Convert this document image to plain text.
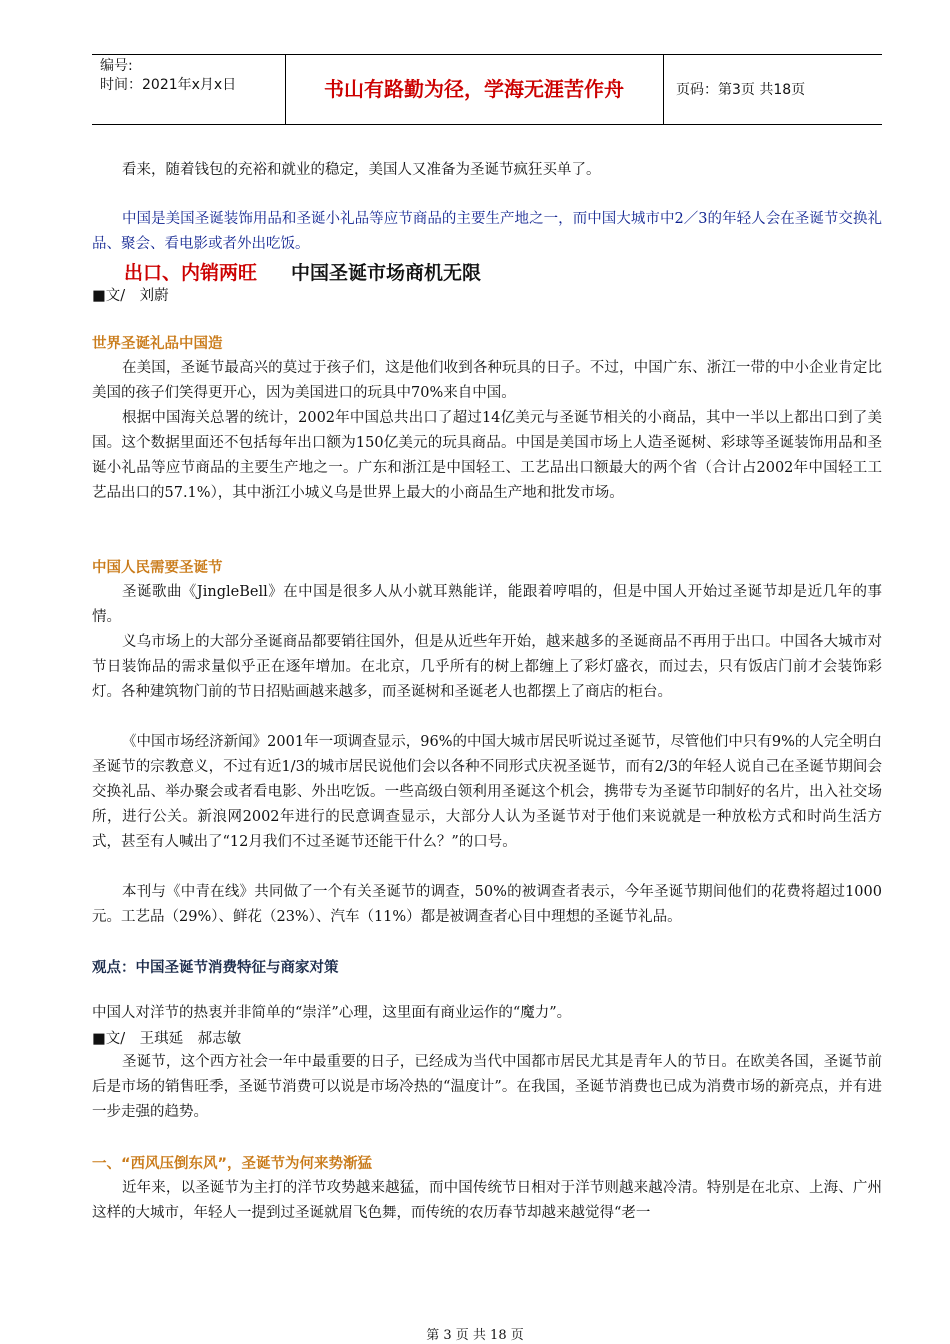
编号:
时间：2021年x月x日	书山有路勤为径，学海无涯苦作舟	页码：第3页 共18页

看来，随着钱包的充裕和就业的稳定，美国人又准备为圣诞节疯狂买单了。

中国是美国圣诞装饰用品和圣诞小礼品等应节商品的主要生产地之一，而中国大城市中2／3的年轻人会在圣诞节交换礼品、聚会、看电影或者外出吃饭。

出口、内销两旺 中国圣诞市场商机无限
■文/　刘蔚
世界圣诞礼品中国造

在美国，圣诞节最高兴的莫过于孩子们，这是他们收到各种玩具的日子。不过，中国广东、浙江一带的中小企业肯定比美国的孩子们笑得更开心，因为美国进口的玩具中70%来自中国。

根据中国海关总署的统计，2002年中国总共出口了超过14亿美元与圣诞节相关的小商品，其中一半以上都出口到了美国。这个数据里面还不包括每年出口额为150亿美元的玩具商品。中国是美国市场上人造圣诞树、彩球等圣诞装饰用品和圣诞小礼品等应节商品的主要生产地之一。广东和浙江是中国轻工、工艺品出口额最大的两个省（合计占2002年中国轻工工艺品出口的57.1%），其中浙江小城义乌是世界上最大的小商品生产地和批发市场。

中国人民需要圣诞节

圣诞歌曲《JingleBell》在中国是很多人从小就耳熟能详，能跟着哼唱的，但是中国人开始过圣诞节却是近几年的事情。

义乌市场上的大部分圣诞商品都要销往国外，但是从近些年开始，越来越多的圣诞商品不再用于出口。中国各大城市对节日装饰品的需求量似乎正在逐年增加。在北京，几乎所有的树上都缠上了彩灯盛衣，而过去，只有饭店门前才会装饰彩灯。各种建筑物门前的节日招贴画越来越多，而圣诞树和圣诞老人也都摆上了商店的柜台。

《中国市场经济新闻》2001年一项调查显示，96%的中国大城市居民听说过圣诞节，尽管他们中只有9%的人完全明白圣诞节的宗教意义，不过有近1/3的城市居民说他们会以各种不同形式庆祝圣诞节，而有2/3的年轻人说自己在圣诞节期间会交换礼品、举办聚会或者看电影、外出吃饭。一些高级白领利用圣诞这个机会，携带专为圣诞节印制好的名片，出入社交场所，进行公关。新浪网2002年进行的民意调查显示，大部分人认为圣诞节对于他们来说就是一种放松方式和时尚生活方式，甚至有人喊出了“12月我们不过圣诞节还能干什么？”的口号。

本刊与《中青在线》共同做了一个有关圣诞节的调查，50%的被调查者表示，今年圣诞节期间他们的花费将超过1000元。工艺品（29%）、鲜花（23%）、汽车（11%）都是被调查者心目中理想的圣诞节礼品。

观点：中国圣诞节消费特征与商家对策

中国人对洋节的热衷并非简单的“崇洋”心理，这里面有商业运作的“魔力”。

■文/　王琪延　郝志敏

圣诞节，这个西方社会一年中最重要的日子，已经成为当代中国都市居民尤其是青年人的节日。在欧美各国，圣诞节前后是市场的销售旺季，圣诞节消费可以说是市场冷热的“温度计”。在我国，圣诞节消费也已成为消费市场的新亮点，并有进一步走强的趋势。

一、“西风压倒东风”，圣诞节为何来势渐猛

近年来，以圣诞节为主打的洋节攻势越来越猛，而中国传统节日相对于洋节则越来越冷清。特别是在北京、上海、广州这样的大城市，年轻人一提到过圣诞就眉飞色舞，而传统的农历春节却越来越觉得“老一

第 3 页 共 18 页
